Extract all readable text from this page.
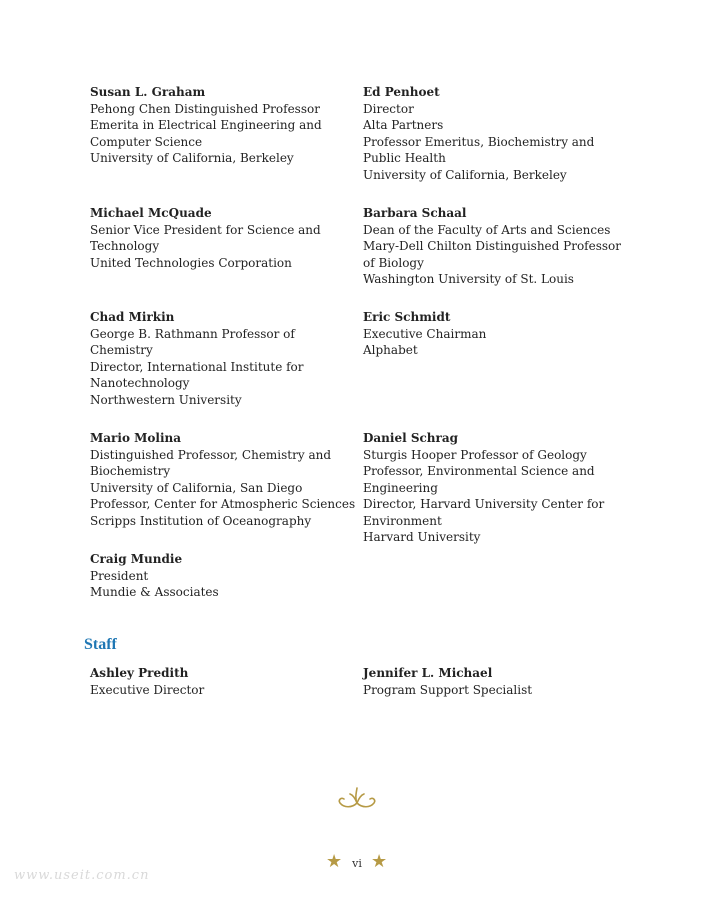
Susan L. Graham
Pehong Chen Distinguished Professor
Emerita in Electrical Engineering and
Computer Science
University of California, Berkeley
Ed Penhoet
Director
Alta Partners
Professor Emeritus, Biochemistry and
Public Health
University of California, Berkeley
Michael McQuade
Senior Vice President for Science and
Technology
United Technologies Corporation
Barbara Schaal
Dean of the Faculty of Arts and Sciences
Mary-Dell Chilton Distinguished Professor
of Biology
Washington University of St. Louis
Chad Mirkin
George B. Rathmann Professor of
Chemistry
Director, International Institute for
Nanotechnology
Northwestern University
Eric Schmidt
Executive Chairman
Alphabet
Mario Molina
Distinguished Professor, Chemistry and
Biochemistry
University of California, San Diego
Professor, Center for Atmospheric Sciences
Scripps Institution of Oceanography
Daniel Schrag
Sturgis Hooper Professor of Geology
Professor, Environmental Science and
Engineering
Director, Harvard University Center for
Environment
Harvard University
Craig Mundie
President
Mundie & Associates
Staff
Ashley Predith
Executive Director
Jennifer L. Michael
Program Support Specialist
★ vi ★
www.useit.com.cn
